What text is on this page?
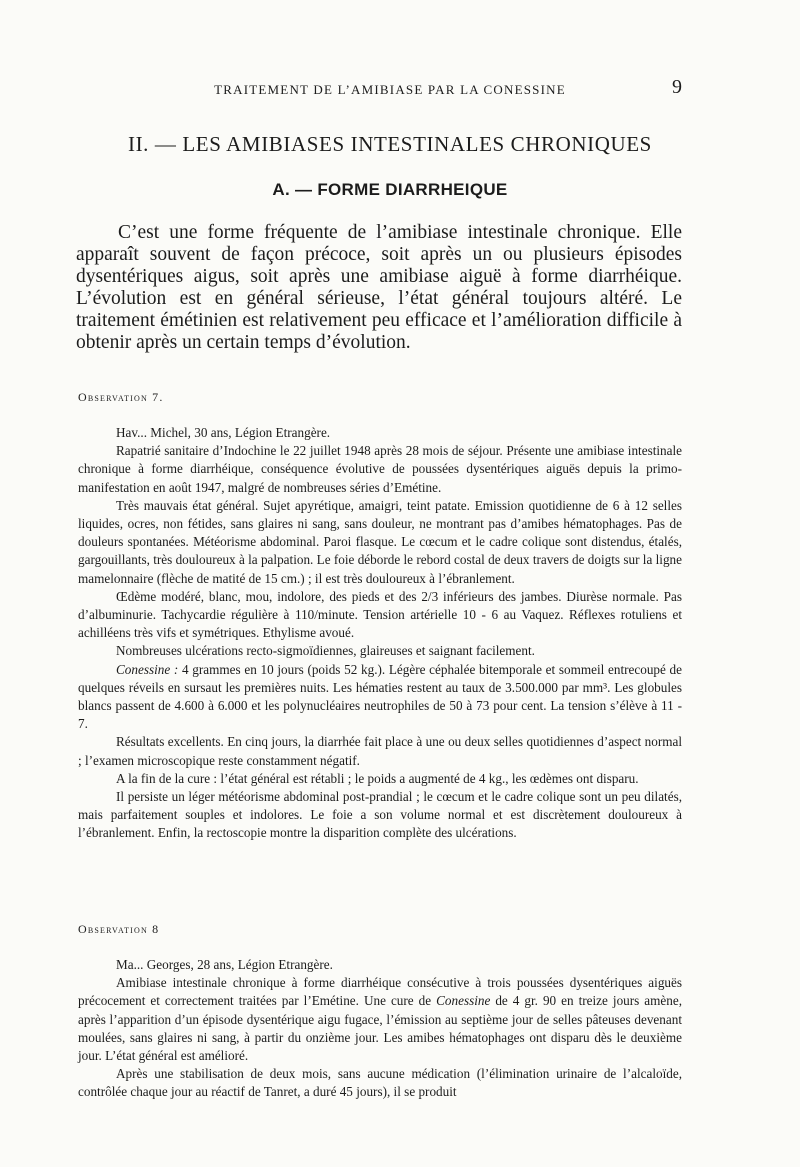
TRAITEMENT DE L’AMIBIASE PAR LA CONESSINE	9
II. — LES AMIBIASES INTESTINALES CHRONIQUES
A. — FORME DIARRHEIQUE

C’est une forme fréquente de l’amibiase intestinale chronique. Elle apparaît souvent de façon précoce, soit après un ou plusieurs épisodes dysentériques aigus, soit après une amibiase aiguë à forme diarrhéique. L’évolution est en général sérieuse, l’état général toujours altéré. Le traitement émétinien est relativement peu efficace et l’amélioration difficile à obtenir après un certain temps d’évolution.

Observation 7.

Hav... Michel, 30 ans, Légion Etrangère.

Rapatrié sanitaire d’Indochine le 22 juillet 1948 après 28 mois de séjour. Présente une amibiase intestinale chronique à forme diarrhéique, conséquence évolutive de poussées dysentériques aiguës depuis la primo-manifestation en août 1947, malgré de nombreuses séries d’Emétine.

Très mauvais état général. Sujet apyrétique, amaigri, teint patate. Emission quotidienne de 6 à 12 selles liquides, ocres, non fétides, sans glaires ni sang, sans douleur, ne montrant pas d’amibes hématophages. Pas de douleurs spontanées. Météorisme abdominal. Paroi flasque. Le cœcum et le cadre colique sont distendus, étalés, gargouillants, très douloureux à la palpation. Le foie déborde le rebord costal de deux travers de doigts sur la ligne mamelonnaire (flèche de matité de 15 cm.) ; il est très douloureux à l’ébranlement.

Œdème modéré, blanc, mou, indolore, des pieds et des 2/3 inférieurs des jambes. Diurèse normale. Pas d’albuminurie. Tachycardie régulière à 110/minute. Tension artérielle 10 - 6 au Vaquez. Réflexes rotuliens et achilléens très vifs et symétriques. Ethylisme avoué.

Nombreuses ulcérations recto-sigmoïdiennes, glaireuses et saignant facilement.

Conessine : 4 grammes en 10 jours (poids 52 kg.). Légère céphalée bitemporale et sommeil entrecoupé de quelques réveils en sursaut les premières nuits. Les hématies restent au taux de 3.500.000 par mm³. Les globules blancs passent de 4.600 à 6.000 et les polynucléaires neutrophiles de 50 à 73 pour cent. La tension s’élève à 11 - 7.

Résultats excellents. En cinq jours, la diarrhée fait place à une ou deux selles quotidiennes d’aspect normal ; l’examen microscopique reste constamment négatif.

A la fin de la cure : l’état général est rétabli ; le poids a augmenté de 4 kg., les œdèmes ont disparu.

Il persiste un léger météorisme abdominal post-prandial ; le cœcum et le cadre colique sont un peu dilatés, mais parfaitement souples et indolores. Le foie a son volume normal et est discrètement douloureux à l’ébranlement. Enfin, la rectoscopie montre la disparition complète des ulcérations.

Observation 8

Ma... Georges, 28 ans, Légion Etrangère.

Amibiase intestinale chronique à forme diarrhéique consécutive à trois poussées dysentériques aiguës précocement et correctement traitées par l’Emétine. Une cure de Conessine de 4 gr. 90 en treize jours amène, après l’apparition d’un épisode dysentérique aigu fugace, l’émission au septième jour de selles pâteuses devenant moulées, sans glaires ni sang, à partir du onzième jour. Les amibes hématophages ont disparu dès le deuxième jour. L’état général est amélioré.

Après une stabilisation de deux mois, sans aucune médication (l’élimination urinaire de l’alcaloïde, contrôlée chaque jour au réactif de Tanret, a duré 45 jours), il se produit
